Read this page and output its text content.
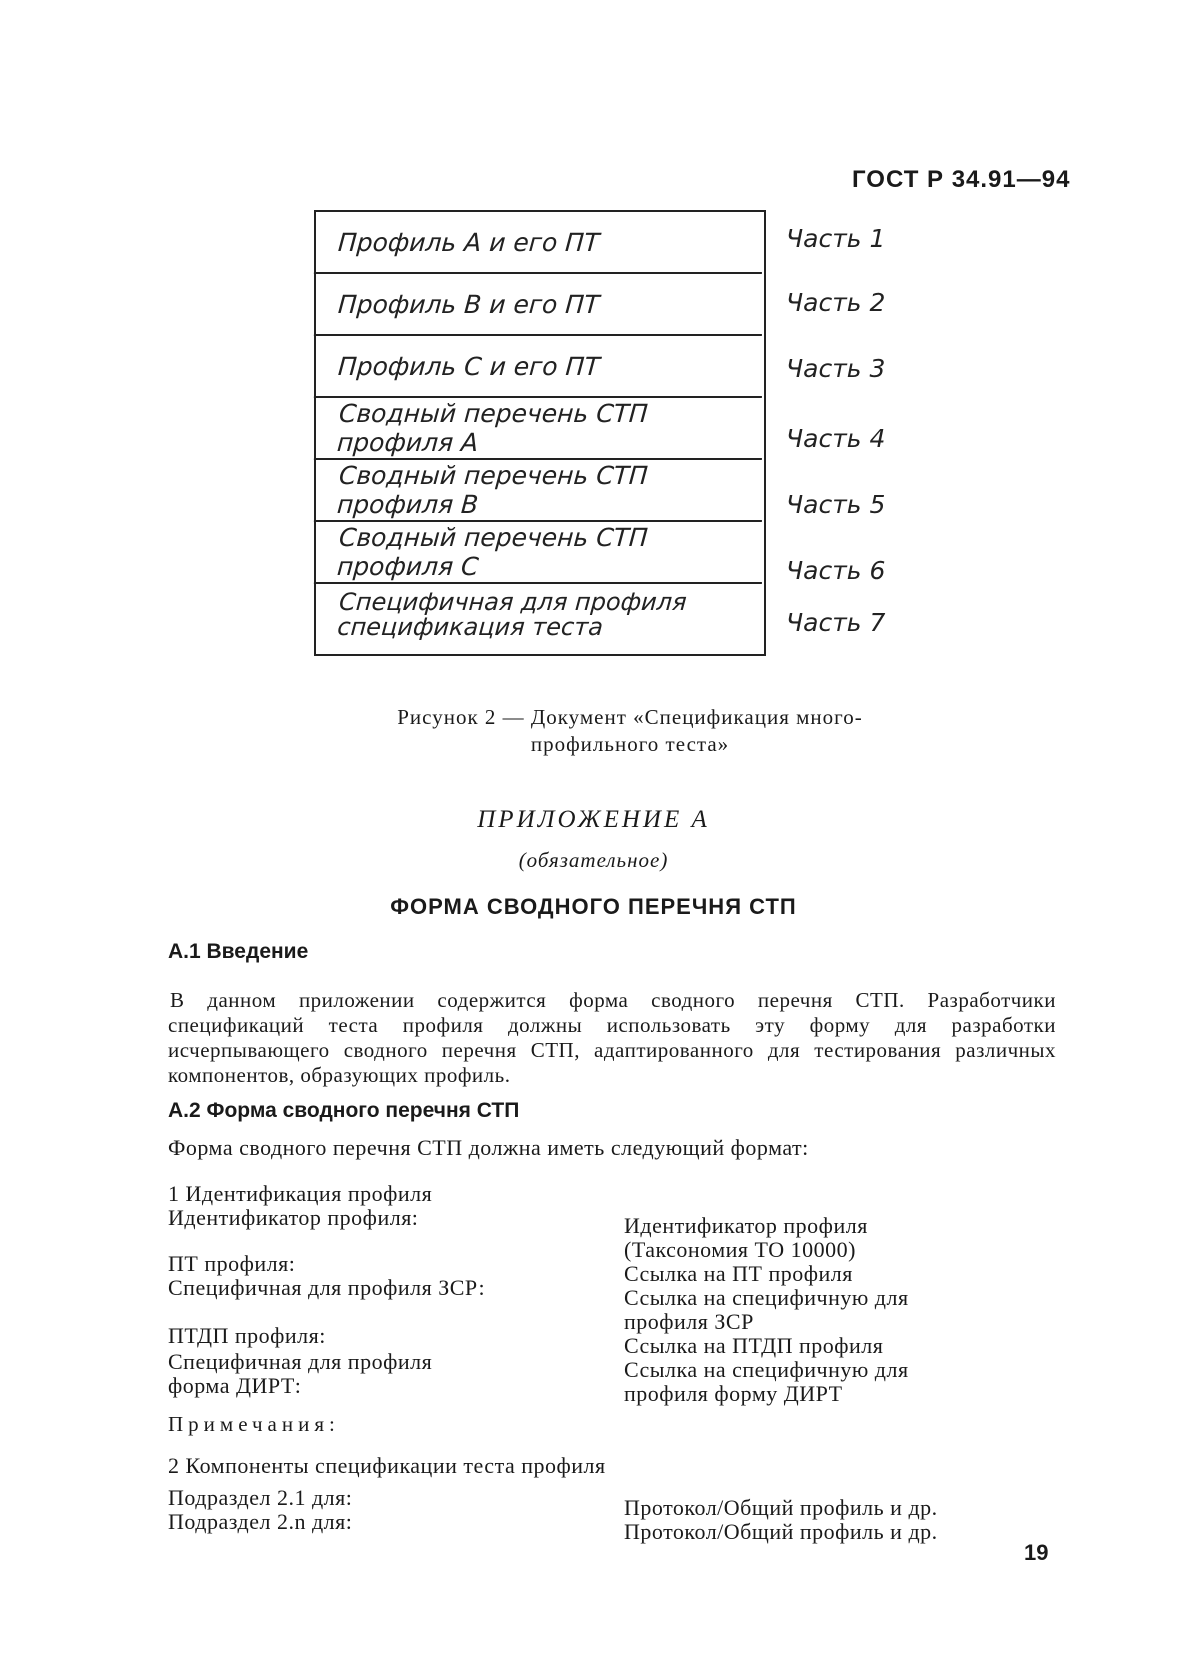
ГОСТ Р 34.91—94
Профиль А и его ПТ
Профиль В и его ПТ
Профиль С и его ПТ
Сводный перечень СТП профиля А
Сводный перечень СТП профиля В
Сводный перечень СТП профиля С
Специфичная для профиля
спецификация теста
Часть 1
Часть 2
Часть 3
Часть 4
Часть 5
Часть 6
Часть 7
Рисунок 2 — Документ «Спецификация много-
профильного теста»
ПРИЛОЖЕНИЕ А
(обязательное)
ФОРМА СВОДНОГО ПЕРЕЧНЯ СТП
А.1 Введение
В данном приложении содержится форма сводного перечня СТП. Разработчики спецификаций теста профиля должны использовать эту форму для разработки исчерпывающего сводного перечня СТП, адаптированного для тестирования различных компонентов, образующих профиль.
А.2 Форма сводного перечня СТП
Форма сводного перечня СТП должна иметь следующий формат:
1 Идентификация профиля
Идентификатор профиля:
ПТ профиля:
Специфичная для профиля ЗСР:
ПТДП профиля:
Специфичная для профиля
форма ДИРТ:
Идентификатор профиля
(Таксономия ТО 10000)
Ссылка на ПТ профиля
Ссылка на специфичную для
профиля ЗСР
Ссылка на ПТДП профиля
Ссылка на специфичную для
профиля форму ДИРТ
Примечания:
2 Компоненты спецификации теста профиля
Подраздел 2.1 для:
Подраздел 2.n для:
Протокол/Общий профиль и др.
Протокол/Общий профиль и др.
19
